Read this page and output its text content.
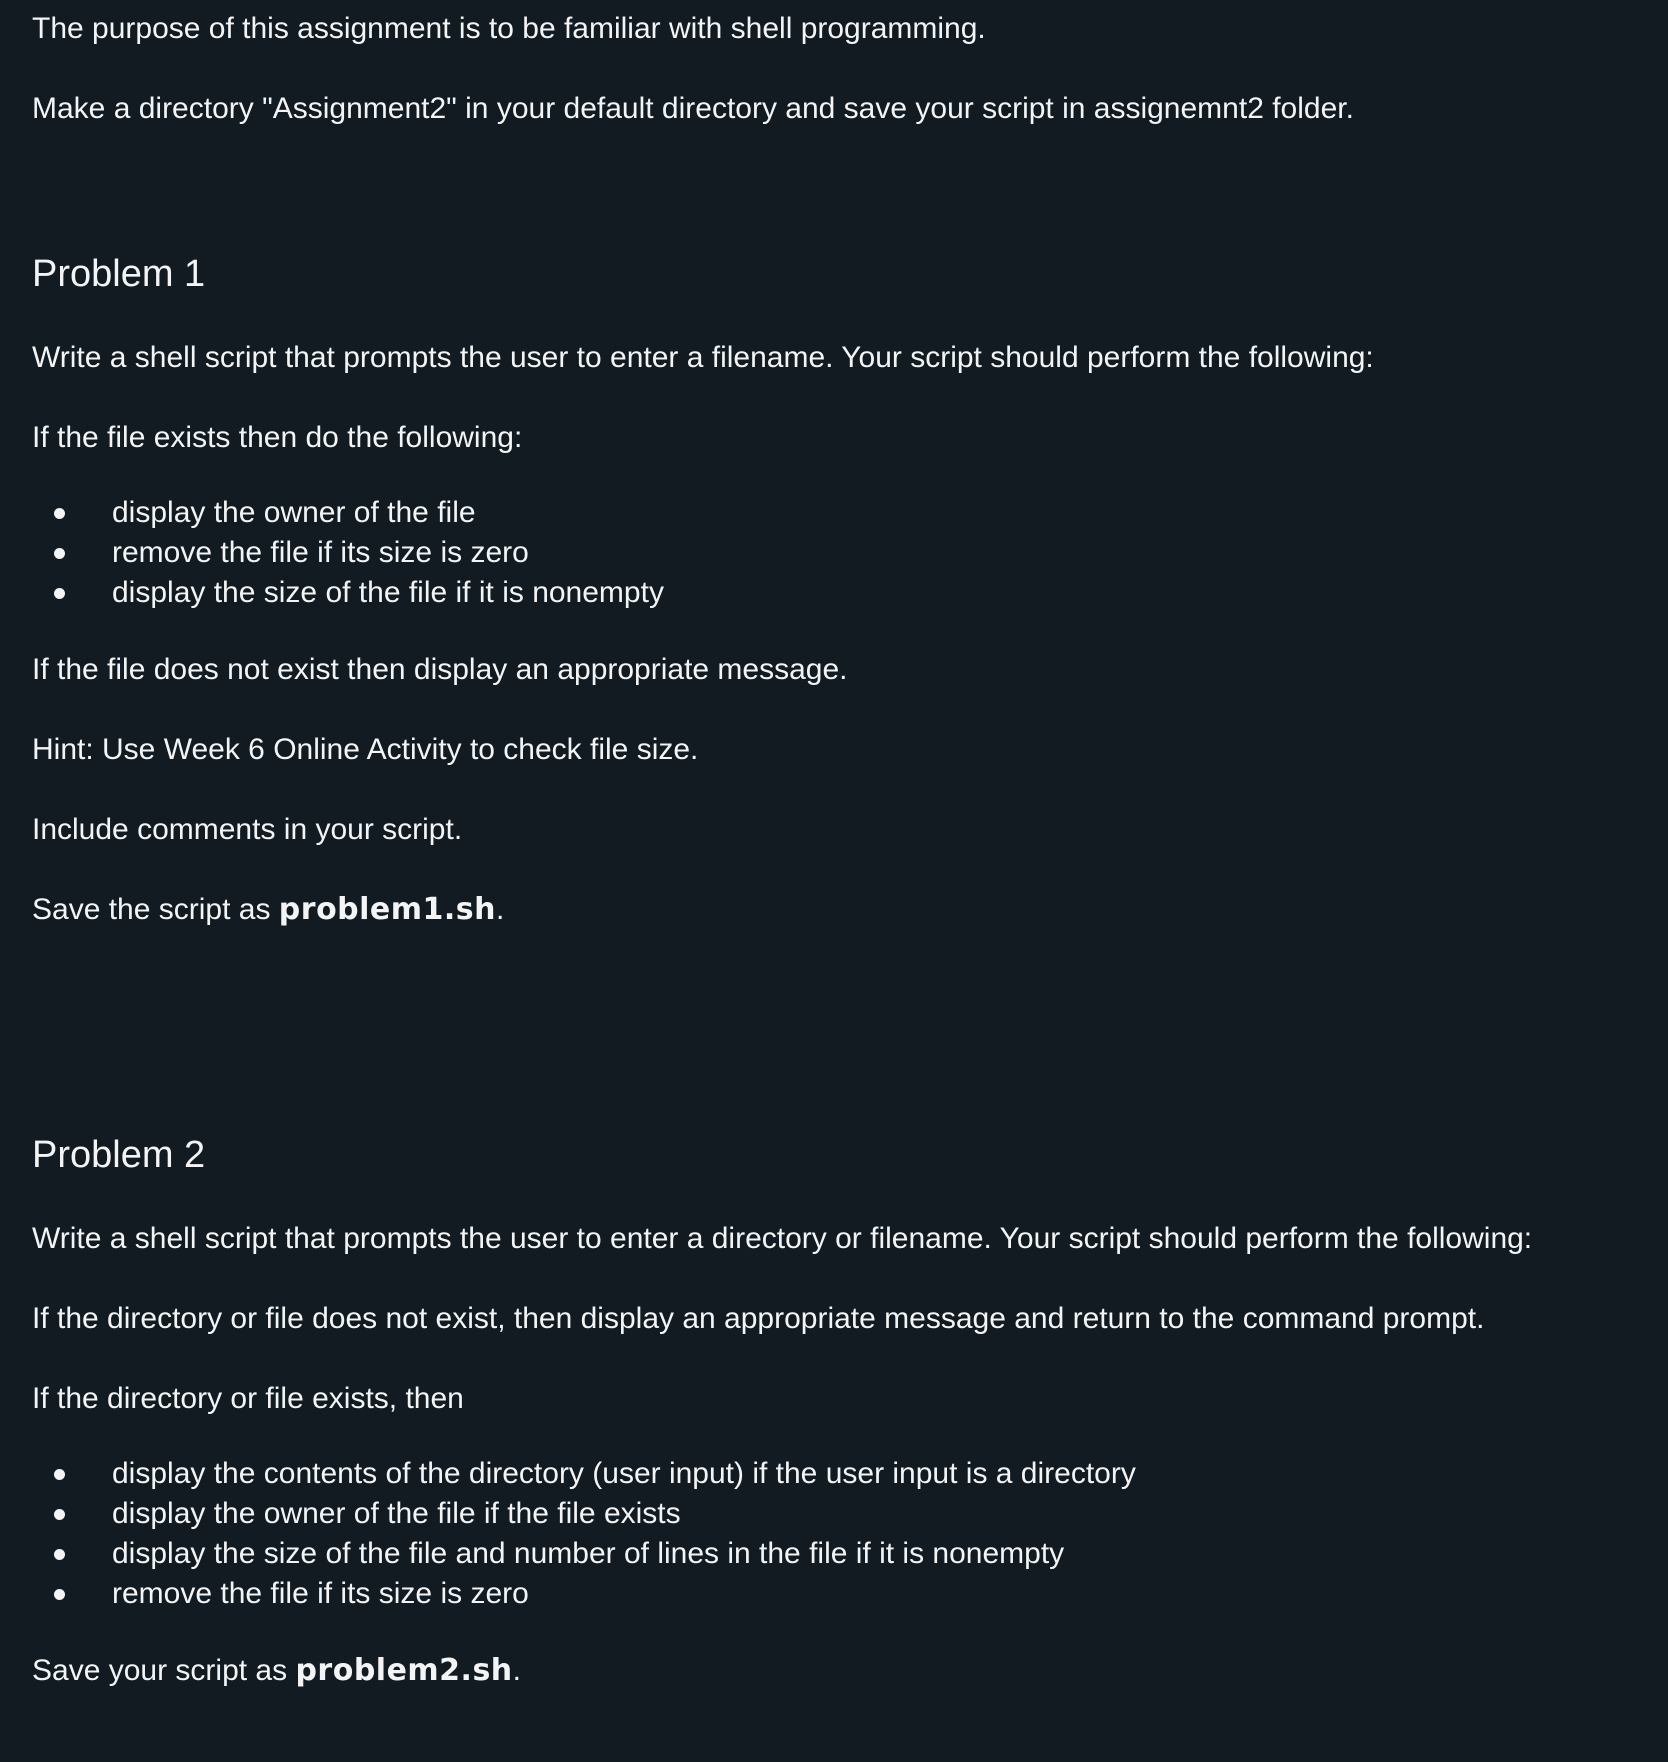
The purpose of this assignment is to be familiar with shell programming.

Make a directory "Assignment2" in your default directory and save your script in assignemnt2 folder.

Problem 1

Write a shell script that prompts the user to enter a filename. Your script should perform the following:

If the file exists then do the following:

display the owner of the file
remove the file if its size is zero
display the size of the file if it is nonempty

If the file does not exist then display an appropriate message.

Hint: Use Week 6 Online Activity to check file size.

Include comments in your script.

Save the script as problem1.sh.

Problem 2

Write a shell script that prompts the user to enter a directory or filename. Your script should perform the following:

If the directory or file does not exist, then display an appropriate message and return to the command prompt.

If the directory or file exists, then

display the contents of the directory (user input) if the user input is a directory
display the owner of the file if the file exists
display the size of the file and number of lines in the file if it is nonempty
remove the file if its size is zero

Save your script as problem2.sh.
